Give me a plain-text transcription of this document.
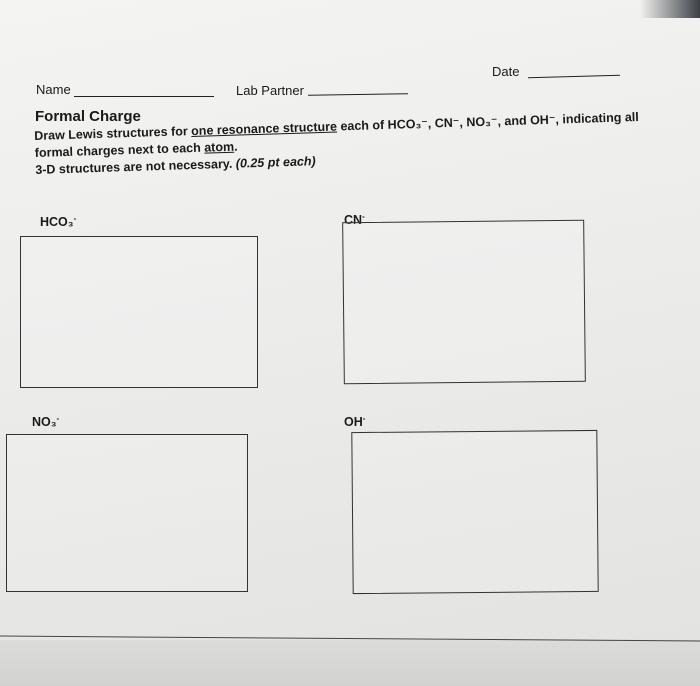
Date
Name	Lab Partner
Formal Charge
Draw Lewis structures for one resonance structure each of HCO₃⁻, CN⁻, NO₃⁻, and OH⁻, indicating all
formal charges next to each atom.
3-D structures are not necessary. (0.25 pt each)
HCO₃-	CN-
NO₃-	OH-
